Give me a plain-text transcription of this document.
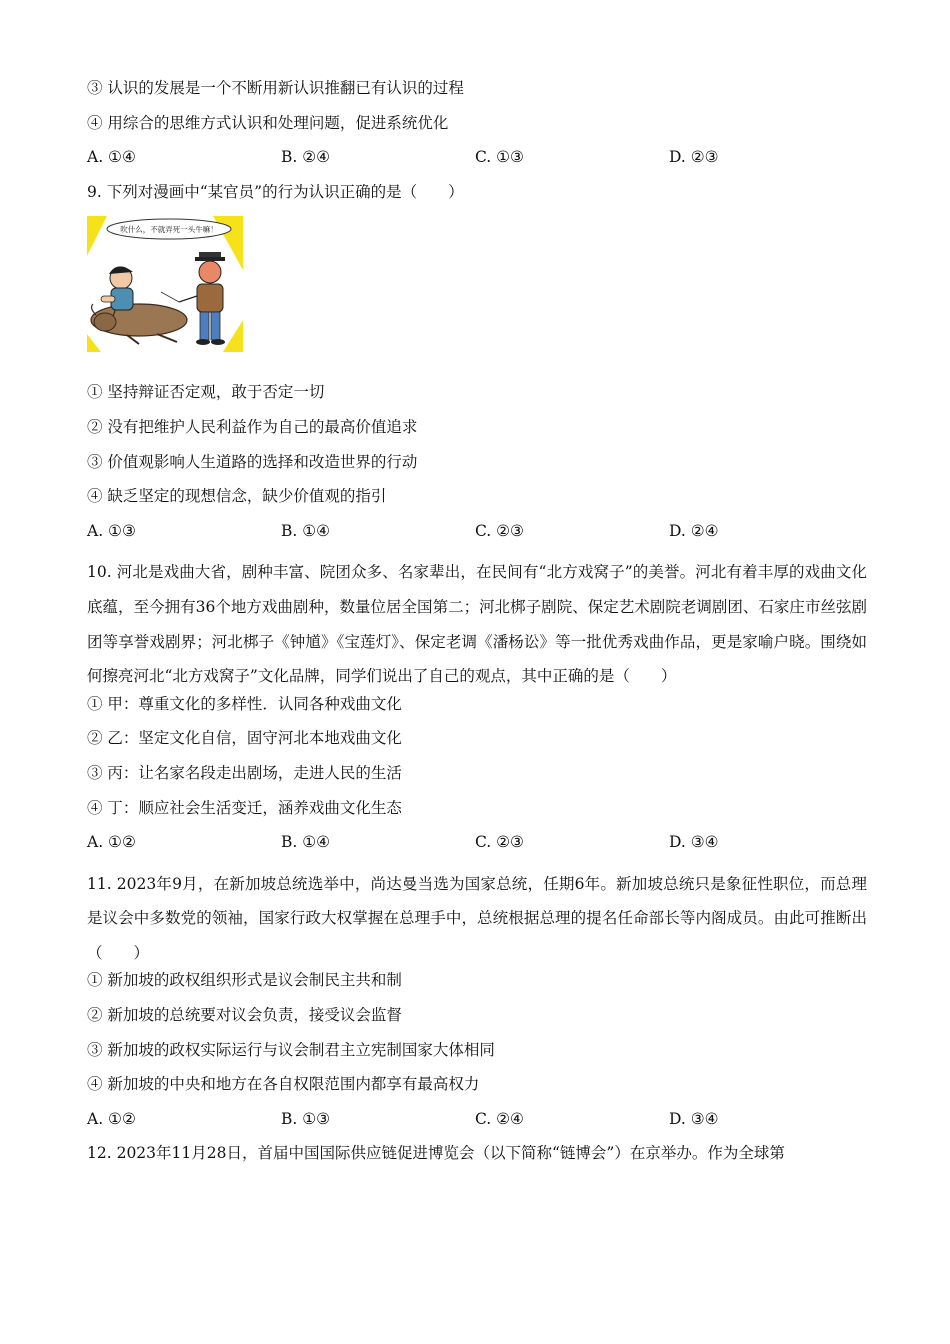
③ 认识的发展是一个不断用新认识推翻已有认识的过程
④ 用综合的思维方式认识和处理问题，促进系统优化
A. ①④	B. ②④	C. ①③	D. ②③
9. 下列对漫画中“某官员”的行为认识正确的是（　　）
吹什么，不就弄死一头牛嘛！
① 坚持辩证否定观，敢于否定一切
② 没有把维护人民利益作为自己的最高价值追求
③ 价值观影响人生道路的选择和改造世界的行动
④ 缺乏坚定的现想信念，缺少价值观的指引
A. ①③	B. ①④	C. ②③	D. ②④
10. 河北是戏曲大省，剧种丰富、院团众多、名家辈出，在民间有“北方戏窝子”的美誉。河北有着丰厚的戏曲文化底蕴，至今拥有36个地方戏曲剧种，数量位居全国第二；河北梆子剧院、保定艺术剧院老调剧团、石家庄市丝弦剧团等享誉戏剧界；河北梆子《钟馗》《宝莲灯》、保定老调《潘杨讼》等一批优秀戏曲作品，更是家喻户晓。围绕如何擦亮河北“北方戏窝子”文化品牌，同学们说出了自己的观点，其中正确的是（　　）
① 甲：尊重文化的多样性．认同各种戏曲文化
② 乙：坚定文化自信，固守河北本地戏曲文化
③ 丙：让名家名段走出剧场，走进人民的生活
④ 丁：顺应社会生活变迁，涵养戏曲文化生态
A. ①②	B. ①④	C. ②③	D. ③④
11. 2023年9月，在新加坡总统选举中，尚达曼当选为国家总统，任期6年。新加坡总统只是象征性职位，而总理是议会中多数党的领袖，国家行政大权掌握在总理手中，总统根据总理的提名任命部长等内阁成员。由此可推断出（　　）
① 新加坡的政权组织形式是议会制民主共和制
② 新加坡的总统要对议会负责，接受议会监督
③ 新加坡的政权实际运行与议会制君主立宪制国家大体相同
④ 新加坡的中央和地方在各自权限范围内都享有最高权力
A. ①②	B. ①③	C. ②④	D. ③④
12. 2023年11月28日，首届中国国际供应链促进博览会（以下简称“链博会”）在京举办。作为全球第
